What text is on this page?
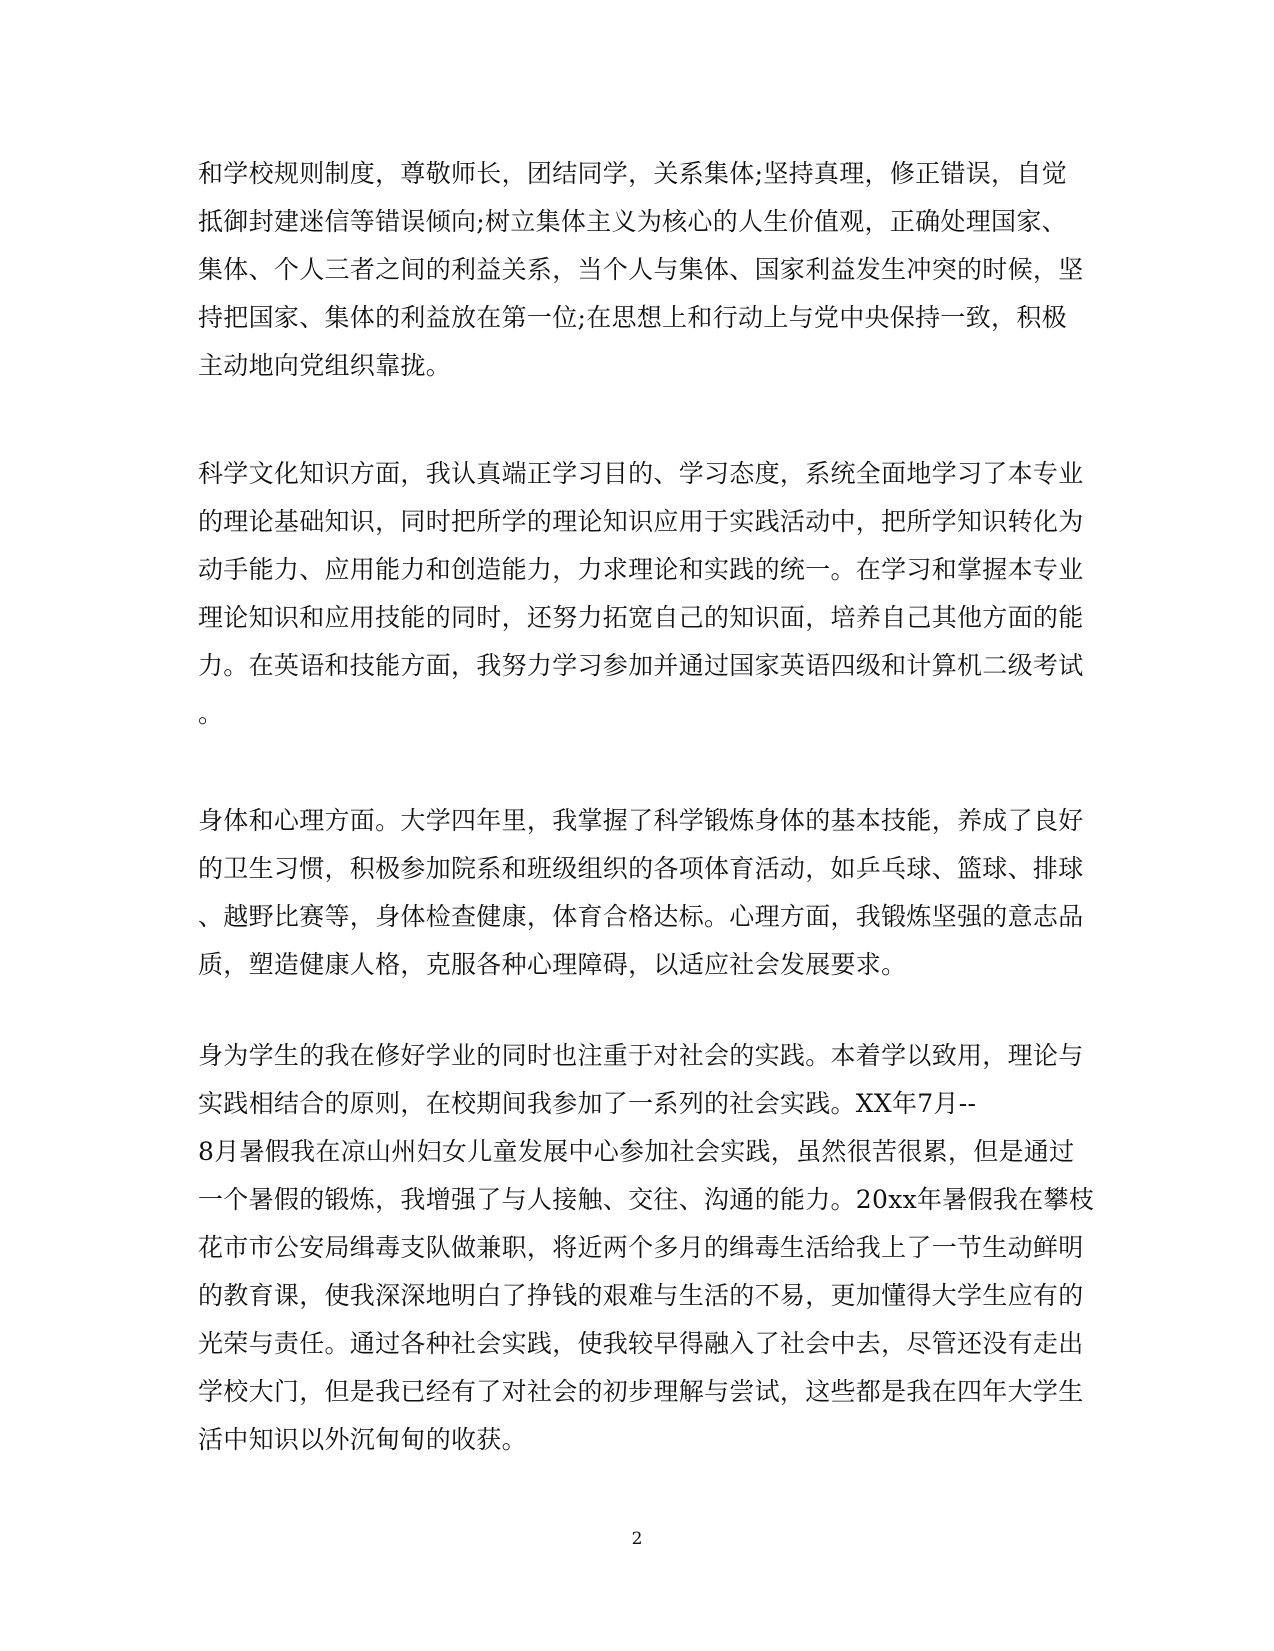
和学校规则制度，尊敬师长，团结同学，关系集体;坚持真理，修正错误，自觉
抵御封建迷信等错误倾向;树立集体主义为核心的人生价值观，正确处理国家、
集体、个人三者之间的利益关系，当个人与集体、国家利益发生冲突的时候，坚
持把国家、集体的利益放在第一位;在思想上和行动上与党中央保持一致，积极
主动地向党组织靠拢。
科学文化知识方面，我认真端正学习目的、学习态度，系统全面地学习了本专业
的理论基础知识，同时把所学的理论知识应用于实践活动中，把所学知识转化为
动手能力、应用能力和创造能力，力求理论和实践的统一。在学习和掌握本专业
理论知识和应用技能的同时，还努力拓宽自己的知识面，培养自己其他方面的能
力。在英语和技能方面，我努力学习参加并通过国家英语四级和计算机二级考试
。
身体和心理方面。大学四年里，我掌握了科学锻炼身体的基本技能，养成了良好
的卫生习惯，积极参加院系和班级组织的各项体育活动，如乒乓球、篮球、排球
、越野比赛等，身体检查健康，体育合格达标。心理方面，我锻炼坚强的意志品
质，塑造健康人格，克服各种心理障碍，以适应社会发展要求。
身为学生的我在修好学业的同时也注重于对社会的实践。本着学以致用，理论与
实践相结合的原则，在校期间我参加了一系列的社会实践。XX年7月--
8月暑假我在凉山州妇女儿童发展中心参加社会实践，虽然很苦很累，但是通过
一个暑假的锻炼，我增强了与人接触、交往、沟通的能力。20xx年暑假我在攀枝
花市市公安局缉毒支队做兼职，将近两个多月的缉毒生活给我上了一节生动鲜明
的教育课，使我深深地明白了挣钱的艰难与生活的不易，更加懂得大学生应有的
光荣与责任。通过各种社会实践，使我较早得融入了社会中去，尽管还没有走出
学校大门，但是我已经有了对社会的初步理解与尝试，这些都是我在四年大学生
活中知识以外沉甸甸的收获。
2
